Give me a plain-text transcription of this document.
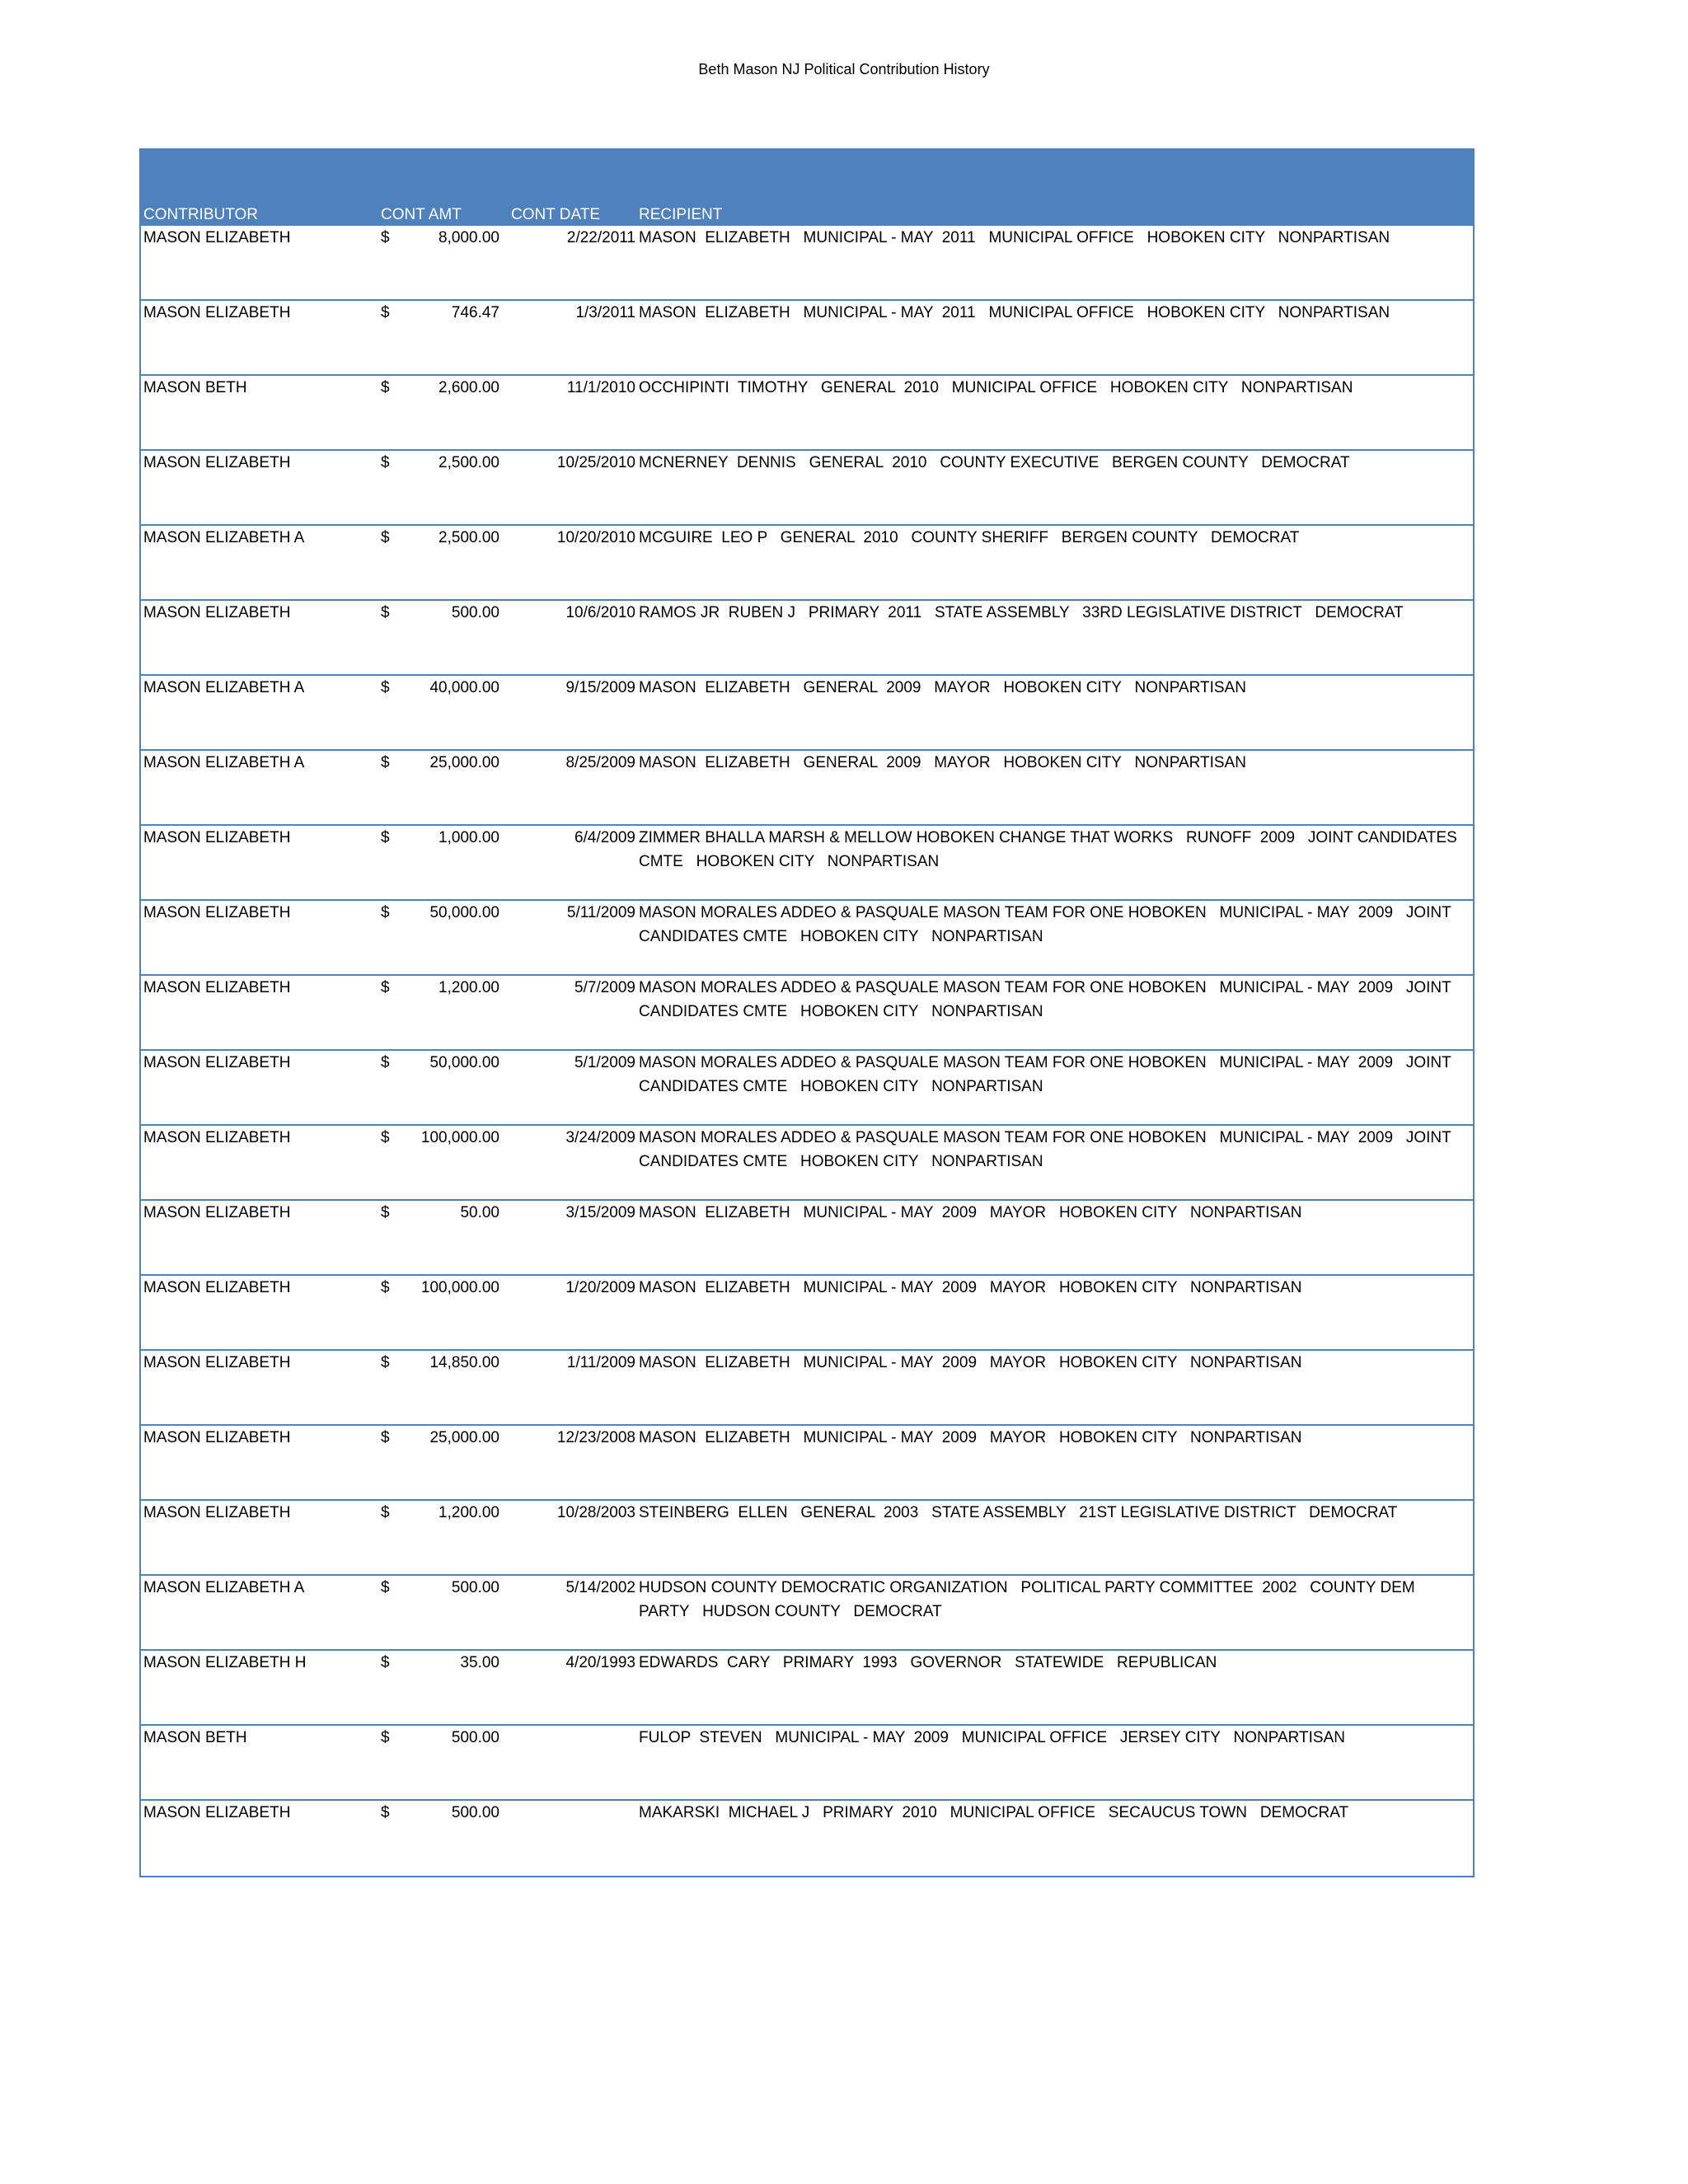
Beth Mason NJ Political Contribution History
CONTRIBUTOR	CONT AMT	CONT DATE RECIPIENT
MASON ELIZABETH	$	8,000.00	2/22/2011 MASON  ELIZABETH   MUNICIPAL - MAY  2011   MUNICIPAL OFFICE   HOBOKEN CITY   NONPARTISAN
MASON ELIZABETH	$	746.47	1/3/2011 MASON  ELIZABETH   MUNICIPAL - MAY  2011   MUNICIPAL OFFICE   HOBOKEN CITY   NONPARTISAN
MASON BETH	$	2,600.00	11/1/2010 OCCHIPINTI  TIMOTHY   GENERAL  2010   MUNICIPAL OFFICE   HOBOKEN CITY   NONPARTISAN
MASON ELIZABETH	$	2,500.00	10/25/2010 MCNERNEY  DENNIS   GENERAL  2010   COUNTY EXECUTIVE   BERGEN COUNTY   DEMOCRAT
MASON ELIZABETH A	$	2,500.00	10/20/2010 MCGUIRE  LEO P   GENERAL  2010   COUNTY SHERIFF   BERGEN COUNTY   DEMOCRAT
MASON ELIZABETH	$	500.00	10/6/2010 RAMOS JR  RUBEN J   PRIMARY  2011   STATE ASSEMBLY   33RD LEGISLATIVE DISTRICT   DEMOCRAT
MASON ELIZABETH A	$	40,000.00	9/15/2009 MASON  ELIZABETH   GENERAL  2009   MAYOR   HOBOKEN CITY   NONPARTISAN
MASON ELIZABETH A	$	25,000.00	8/25/2009 MASON  ELIZABETH   GENERAL  2009   MAYOR   HOBOKEN CITY   NONPARTISAN
MASON ELIZABETH	$	1,000.00	6/4/2009 ZIMMER BHALLA MARSH & MELLOW HOBOKEN CHANGE THAT WORKS   RUNOFF  2009   JOINT CANDIDATES CMTE   HOBOKEN CITY   NONPARTISAN
MASON ELIZABETH	$	50,000.00	5/11/2009 MASON MORALES ADDEO & PASQUALE MASON TEAM FOR ONE HOBOKEN   MUNICIPAL - MAY  2009   JOINT CANDIDATES CMTE   HOBOKEN CITY   NONPARTISAN
MASON ELIZABETH	$	1,200.00	5/7/2009 MASON MORALES ADDEO & PASQUALE MASON TEAM FOR ONE HOBOKEN   MUNICIPAL - MAY  2009   JOINT CANDIDATES CMTE   HOBOKEN CITY   NONPARTISAN
MASON ELIZABETH	$	50,000.00	5/1/2009 MASON MORALES ADDEO & PASQUALE MASON TEAM FOR ONE HOBOKEN   MUNICIPAL - MAY  2009   JOINT CANDIDATES CMTE   HOBOKEN CITY   NONPARTISAN
MASON ELIZABETH	$	100,000.00	3/24/2009 MASON MORALES ADDEO & PASQUALE MASON TEAM FOR ONE HOBOKEN   MUNICIPAL - MAY  2009   JOINT CANDIDATES CMTE   HOBOKEN CITY   NONPARTISAN
MASON ELIZABETH	$	50.00	3/15/2009 MASON  ELIZABETH   MUNICIPAL - MAY  2009   MAYOR   HOBOKEN CITY   NONPARTISAN
MASON ELIZABETH	$	100,000.00	1/20/2009 MASON  ELIZABETH   MUNICIPAL - MAY  2009   MAYOR   HOBOKEN CITY   NONPARTISAN
MASON ELIZABETH	$	14,850.00	1/11/2009 MASON  ELIZABETH   MUNICIPAL - MAY  2009   MAYOR   HOBOKEN CITY   NONPARTISAN
MASON ELIZABETH	$	25,000.00	12/23/2008 MASON  ELIZABETH   MUNICIPAL - MAY  2009   MAYOR   HOBOKEN CITY   NONPARTISAN
MASON ELIZABETH	$	1,200.00	10/28/2003 STEINBERG  ELLEN   GENERAL  2003   STATE ASSEMBLY   21ST LEGISLATIVE DISTRICT   DEMOCRAT
MASON ELIZABETH A	$	500.00	5/14/2002 HUDSON COUNTY DEMOCRATIC ORGANIZATION   POLITICAL PARTY COMMITTEE  2002   COUNTY DEM PARTY   HUDSON COUNTY   DEMOCRAT
MASON ELIZABETH H	$	35.00	4/20/1993 EDWARDS  CARY   PRIMARY  1993   GOVERNOR   STATEWIDE   REPUBLICAN
MASON BETH	$	500.00	FULOP  STEVEN   MUNICIPAL - MAY  2009   MUNICIPAL OFFICE   JERSEY CITY   NONPARTISAN
MASON ELIZABETH	$	500.00	MAKARSKI  MICHAEL J   PRIMARY  2010   MUNICIPAL OFFICE   SECAUCUS TOWN   DEMOCRAT
